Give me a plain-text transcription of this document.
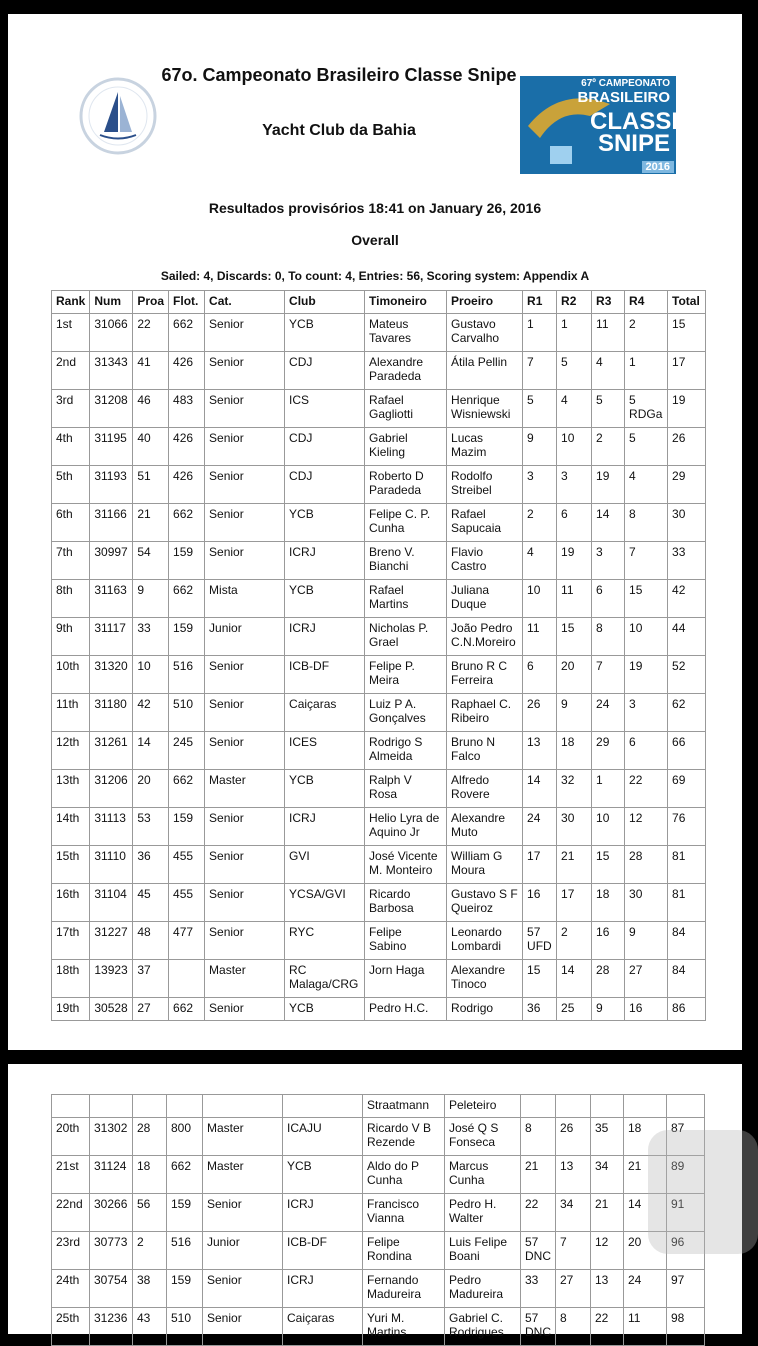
67º CAMPEONATO
BRASILEIRO
CLASSE SNIPE
2016
67o. Campeonato Brasileiro Classe Snipe
Yacht Club da Bahia
Resultados provisórios 18:41 on January 26, 2016
Overall
Sailed: 4, Discards: 0, To count: 4, Entries: 56, Scoring system: Appendix A
Rank	Num	Proa	Flot.	Cat.	Club	Timoneiro	Proeiro	R1	R2	R3	R4	Total
1st	31066	22	662	Senior	YCB	Mateus Tavares	Gustavo Carvalho	1	1	11	2	15
2nd	31343	41	426	Senior	CDJ	Alexandre Paradeda	Átila Pellin	7	5	4	1	17
3rd	31208	46	483	Senior	ICS	Rafael Gagliotti	Henrique Wisniewski	5	4	5	5 RDGa	19
4th	31195	40	426	Senior	CDJ	Gabriel Kieling	Lucas Mazim	9	10	2	5	26
5th	31193	51	426	Senior	CDJ	Roberto D Paradeda	Rodolfo Streibel	3	3	19	4	29
6th	31166	21	662	Senior	YCB	Felipe C. P. Cunha	Rafael Sapucaia	2	6	14	8	30
7th	30997	54	159	Senior	ICRJ	Breno V. Bianchi	Flavio Castro	4	19	3	7	33
8th	31163	9	662	Mista	YCB	Rafael Martins	Juliana Duque	10	11	6	15	42
9th	31117	33	159	Junior	ICRJ	Nicholas P. Grael	João Pedro C.N.Moreiro	11	15	8	10	44
10th	31320	10	516	Senior	ICB-DF	Felipe P. Meira	Bruno R C Ferreira	6	20	7	19	52
11th	31180	42	510	Senior	Caiçaras	Luiz P A. Gonçalves	Raphael C. Ribeiro	26	9	24	3	62
12th	31261	14	245	Senior	ICES	Rodrigo S Almeida	Bruno N Falco	13	18	29	6	66
13th	31206	20	662	Master	YCB	Ralph V Rosa	Alfredo Rovere	14	32	1	22	69
14th	31113	53	159	Senior	ICRJ	Helio Lyra de Aquino Jr	Alexandre Muto	24	30	10	12	76
15th	31110	36	455	Senior	GVI	José Vicente M. Monteiro	William G Moura	17	21	15	28	81
16th	31104	45	455	Senior	YCSA/GVI	Ricardo Barbosa	Gustavo S F Queiroz	16	17	18	30	81
17th	31227	48	477	Senior	RYC	Felipe Sabino	Leonardo Lombardi	57 UFD	2	16	9	84
18th	13923	37		Master	RC Malaga/CRG	Jorn Haga	Alexandre Tinoco	15	14	28	27	84
19th	30528	27	662	Senior	YCB	Pedro H.C.	Rodrigo	36	25	9	16	86
						Straatmann	Peleteiro					
20th	31302	28	800	Master	ICAJU	Ricardo V B Rezende	José Q S Fonseca	8	26	35	18	87
21st	31124	18	662	Master	YCB	Aldo do P Cunha	Marcus Cunha	21	13	34	21	89
22nd	30266	56	159	Senior	ICRJ	Francisco Vianna	Pedro H. Walter	22	34	21	14	91
23rd	30773	2	516	Junior	ICB-DF	Felipe Rondina	Luis Felipe Boani	57 DNC	7	12	20	96
24th	30754	38	159	Senior	ICRJ	Fernando Madureira	Pedro Madureira	33	27	13	24	97
25th	31236	43	510	Senior	Caiçaras	Yuri M. Martins	Gabriel C. Rodrigues	57 DNC	8	22	11	98
